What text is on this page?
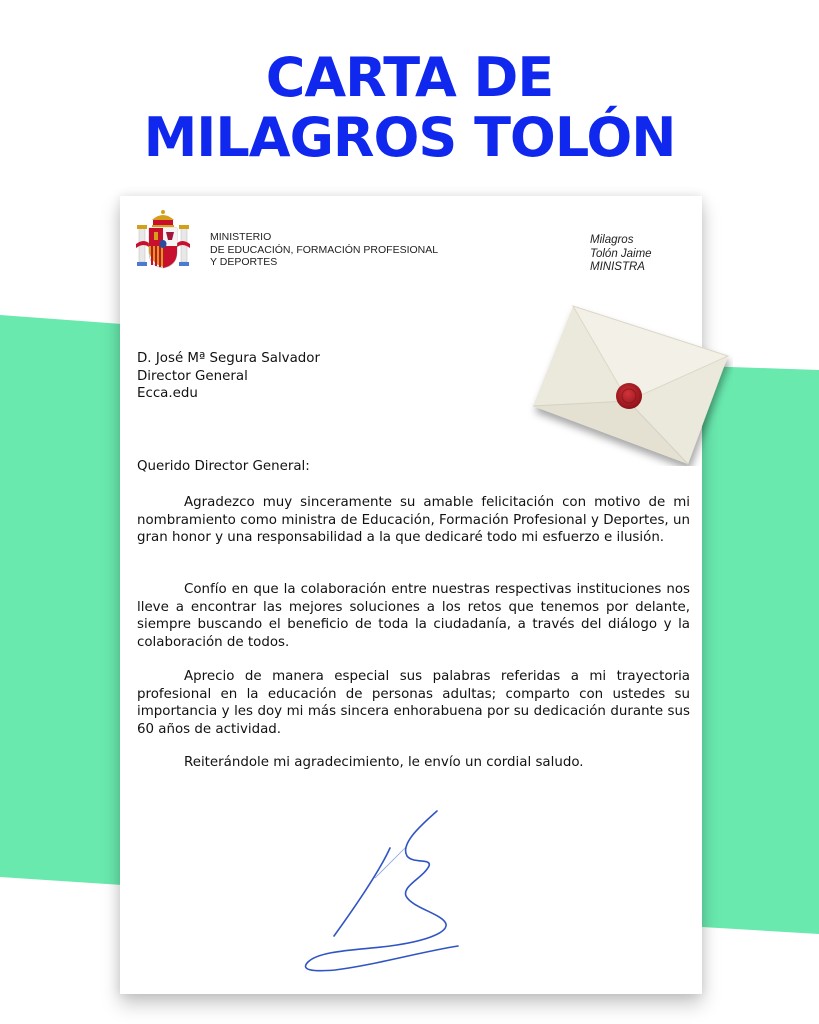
CARTA DE
MILAGROS TOLÓN
MINISTERIO
DE EDUCACIÓN, FORMACIÓN PROFESIONAL
Y DEPORTES
Milagros
Tolón Jaime
MINISTRA
D. José Mª Segura Salvador
Director General
Ecca.edu
Querido Director General:

Agradezco muy sinceramente su amable felicitación con motivo de mi nombramiento como ministra de Educación, Formación Profesional y Deportes, un gran honor y una responsabilidad a la que dedicaré todo mi esfuerzo e ilusión.

Confío en que la colaboración entre nuestras respectivas instituciones nos lleve a encontrar las mejores soluciones a los retos que tenemos por delante, siempre buscando el beneficio de toda la ciudadanía, a través del diálogo y la colaboración de todos.

Aprecio de manera especial sus palabras referidas a mi trayectoria profesional en la educación de personas adultas; comparto con ustedes su importancia y les doy mi más sincera enhorabuena por su dedicación durante sus 60 años de actividad.

Reiterándole mi agradecimiento, le envío un cordial saludo.
